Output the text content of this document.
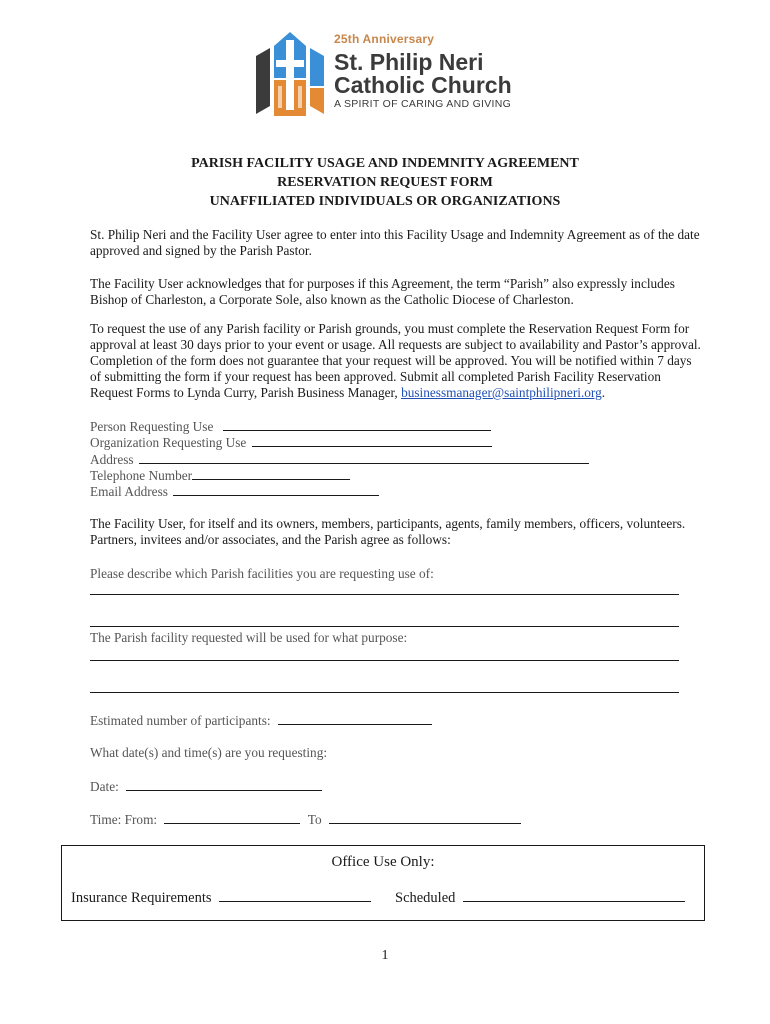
25th Anniversary
St. Philip Neri
Catholic Church
A SPIRIT OF CARING AND GIVING
PARISH FACILITY USAGE AND INDEMNITY AGREEMENT
RESERVATION REQUEST FORM
UNAFFILIATED INDIVIDUALS OR ORGANIZATIONS

St. Philip Neri and the Facility User agree to enter into this Facility Usage and Indemnity Agreement as of the date approved and signed by the Parish Pastor.

The Facility User acknowledges that for purposes if this Agreement, the term “Parish” also expressly includes Bishop of Charleston, a Corporate Sole, also known as the Catholic Diocese of Charleston.

To request the use of any Parish facility or Parish grounds, you must complete the Reservation Request Form for approval at least 30 days prior to your event or usage. All requests are subject to availability and Pastor’s approval. Completion of the form does not guarantee that your request will be approved. You will be notified within 7 days of submitting the form if your request has been approved. Submit all completed Parish Facility Reservation Request Forms to Lynda Curry, Parish Business Manager, businessmanager@saintphilipneri.org.

Person Requesting Use
Organization Requesting Use
Address
Telephone Number
Email Address

The Facility User, for itself and its owners, members, participants, agents, family members, officers, volunteers. Partners, invitees and/or associates, and the Parish agree as follows:

Please describe which Parish facilities you are requesting use of:
The Parish facility requested will be used for what purpose:
Estimated number of participants:
What date(s) and time(s) are you requesting:
Date:
Time: From:	To
Office Use Only:
Insurance Requirements	Scheduled
1
